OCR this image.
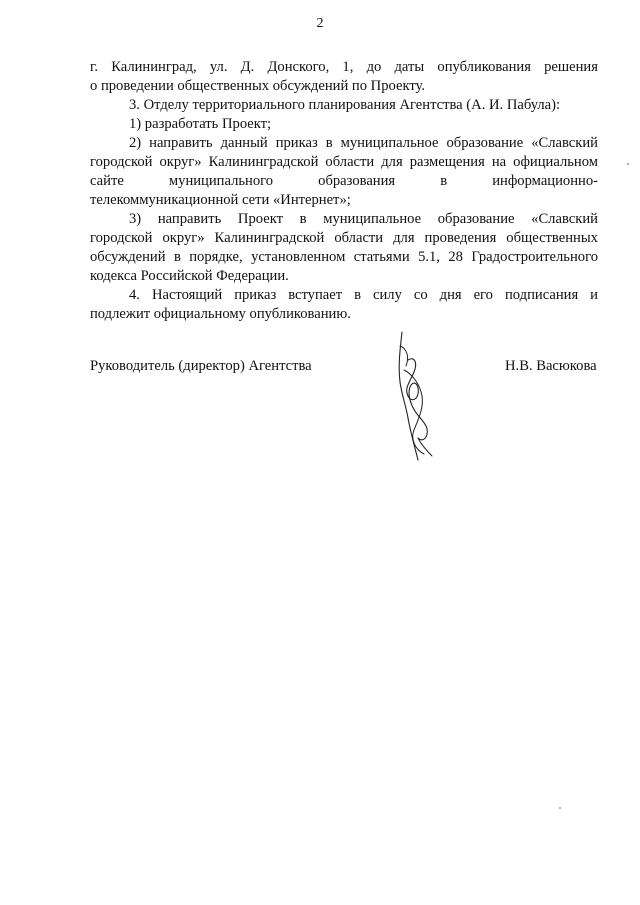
2
г. Калининград, ул. Д. Донского, 1, до даты опубликования решения
о проведении общественных обсуждений по Проекту.
3. Отделу территориального планирования Агентства (А. И. Пабула):
1) разработать Проект;
2) направить данный приказ в муниципальное образование «Славский
городской округ» Калининградской области для размещения на официальном
сайте	муниципального	образования	в	информационно-
телекоммуникационной сети «Интернет»;
3) направить Проект в муниципальное образование «Славский
городской округ» Калининградской области для проведения общественных
обсуждений в порядке, установленном статьями 5.1, 28 Градостроительного
кодекса Российской Федерации.
4. Настоящий приказ вступает в силу со дня его подписания и
подлежит официальному опубликованию.
Руководитель (директор) Агентства	Н.В. Васюкова
